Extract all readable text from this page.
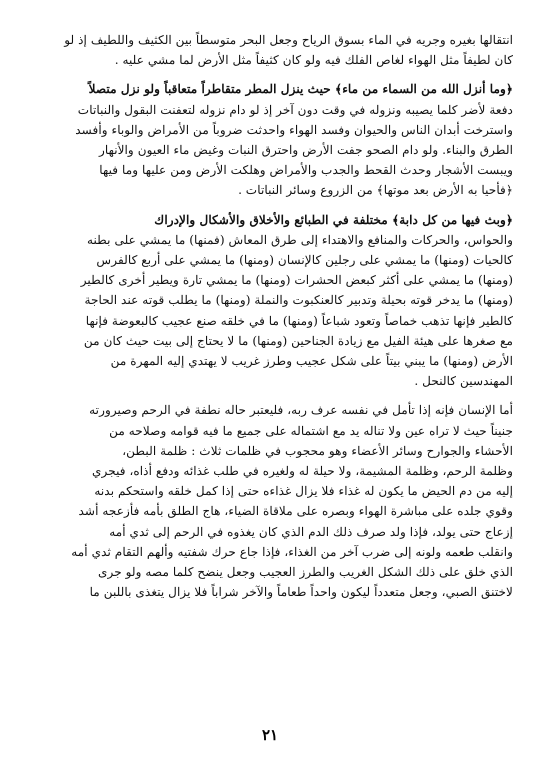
انتقالها بغيره وجريه في الماء بسوق الرياح وجعل البحر متوسطاً بين الكثيف واللطيف إذ لو
كان لطيفاً مثل الهواء لغاص الفلك فيه ولو كان كثيفاً مثل الأرض لما مشي عليه .
﴿وما أنزل الله من السماء من ماء﴾ حيث ينزل المطر متقاطراً متعاقباً ولو نزل متصلاً
دفعة لأضر كلما يصيبه ونزوله في وقت دون آخر إذ لو دام نزوله لتعفنت البقول والنباتات
واسترخت أبدان الناس والحيوان وفسد الهواء واحدثت ضروباً من الأمراض والوباء وأفسد
الطرق والبناء. ولو دام الصحو جفت الأرض واحترق النبات وغيض ماء العيون والأنهار
ويبست الأشجار وحدث القحط والجدب والأمراض وهلكت الأرض ومن عليها وما فيها
﴿فأحيا به الأرض بعد موتها﴾ من الزروع وسائر النباتات .
﴿وبث فيها من كل دابة﴾ مختلفة في الطبائع والأخلاق والأشكال والإدراك
والحواس، والحركات والمنافع والاهتداء إلى طرق المعاش (فمنها) ما يمشي على بطنه
كالحيات (ومنها) ما يمشي على رجلين كالإنسان (ومنها) ما يمشي على أربع كالفرس
(ومنها) ما يمشي على أكثر كبعض الحشرات (ومنها) ما يمشي تارة ويطير أخرى كالطير
(ومنها) ما يدخر قوته بحيلة وتدبير كالعنكبوت والنملة (ومنها) ما يطلب قوته عند الحاجة
كالطير فإنها تذهب خماصاً وتعود شباعاً (ومنها) ما في خلقه صنع عجيب كالبعوضة فإنها
مع صغرها على هيئة الفيل مع زيادة الجناحين (ومنها) ما لا يحتاج إلى بيت حيث كان من
الأرض (ومنها) ما يبني بيتاً على شكل عجيب وطرز غريب لا يهتدي إليه المهرة من
المهندسين كالنحل .
أما الإنسان فإنه إذا تأمل في نفسه عرف ربه، فليعتبر حاله نطفة في الرحم وصيرورته
جنيناً حيث لا تراه عين ولا تناله يد مع اشتماله على جميع ما فيه قوامه وصلاحه من
الأحشاء والجوارح وسائر الأعضاء وهو محجوب في ظلمات ثلاث : ظلمة البطن،
وظلمة الرحم، وظلمة المشيمة، ولا حيلة له ولغيره في طلب غذائه ودفع أذاه، فيجري
إليه من دم الحيض ما يكون له غذاء فلا يزال غذاءه حتى إذا كمل خلقه واستحكم بدنه
وقوي جلده على مباشرة الهواء وبصره على ملاقاة الضياء، هاج الطلق بأمه فأزعجه أشد
إزعاج حتى يولد، فإذا ولد صرف ذلك الدم الذي كان يغذوه في الرحم إلى ثدي أمه
وانقلب طعمه ولونه إلى ضرب آخر من الغذاء، فإذا جاع حرك شفتيه وألهم التقام ثدي أمه
الذي خلق على ذلك الشكل الغريب والطرز العجيب وجعل ينضح كلما مصه ولو جرى
لاختنق الصبي، وجعل متعدداً ليكون واحداً طعاماً والآخر شراباً فلا يزال يتغذى باللبن ما
٢١
